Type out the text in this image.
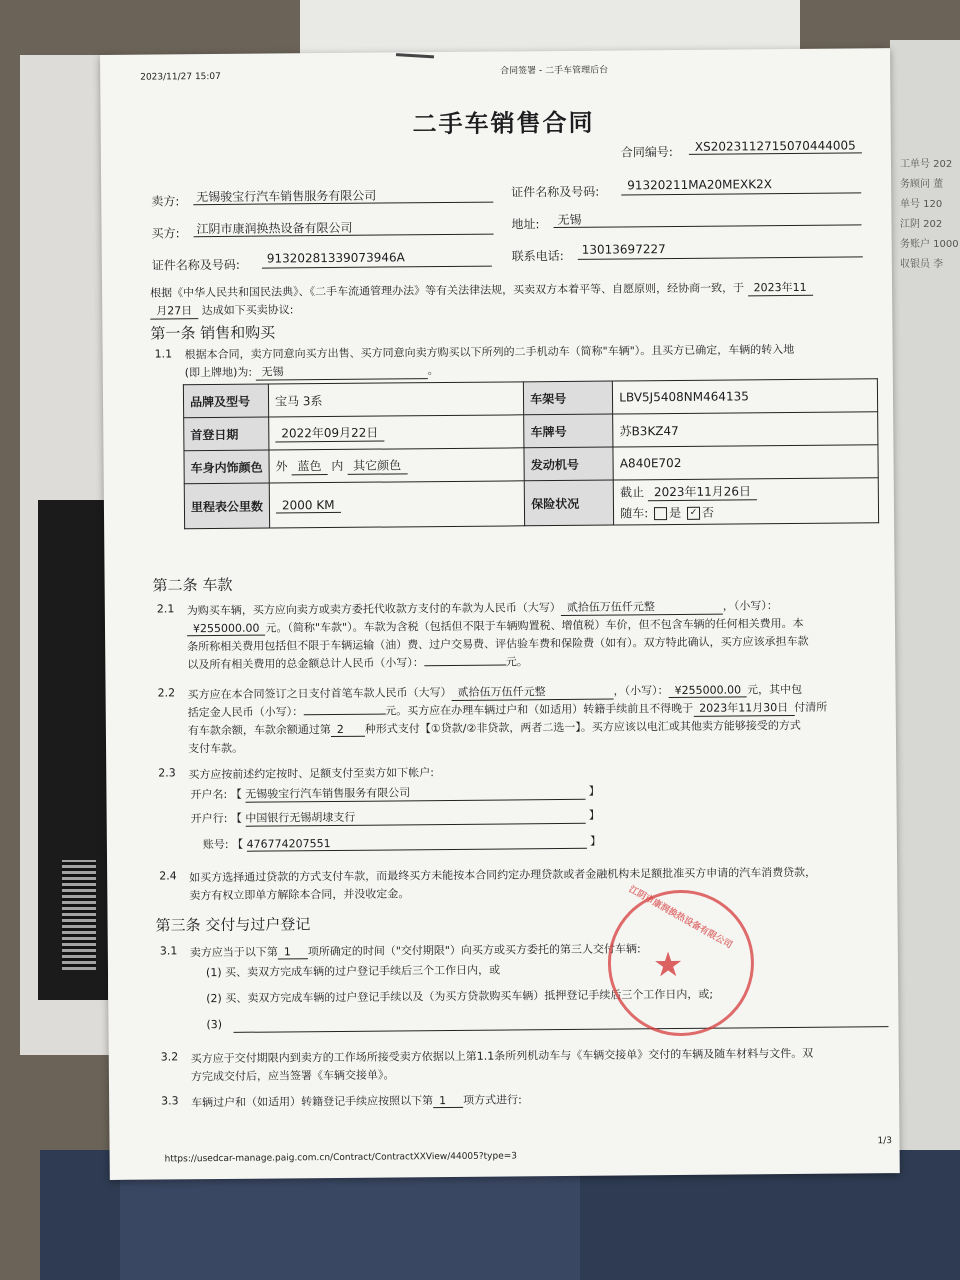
工单号 202
务顾问 董
单号 120
江阴 202
务账户 1000
収银员 李
2023/11/27 15:07
合同签署 - 二手车管理后台
二手车销售合同
合同编号:	XS2023112715070444005
卖方: 无锡骏宝行汽车销售服务有限公司	证件名称及号码: 91320211MA20MEXK2X
买方: 江阴市康润换热设备有限公司	地址: 无锡
证件名称及号码: 91320281339073946A	联系电话: 13013697227
根据《中华人民共和国民法典》、《二手车流通管理办法》等有关法律法规，买卖双方本着平等、自愿原则，经协商一致，于 2023年11
月27日 达成如下买卖协议:
第一条 销售和购买
1.1 根据本合同，卖方同意向买方出售、买方同意向卖方购买以下所列的二手机动车（简称"车辆"）。且买方已确定，车辆的转入地
(即上牌地)为: 无锡	。
品牌及型号	宝马 3系	车架号	LBV5J5408NM464135
首登日期	2022年09月22日	车牌号	苏B3KZ47
车身内饰颜色	外 蓝色 内 其它颜色	发动机号	A840E702
里程表公里数	2000 KM	保险状况	截止 2023年11月26日
随车: 是 ✓ 否
第二条 车款
2.1 为购买车辆，买方应向卖方或卖方委托代收款方支付的车款为人民币（大写） 贰拾伍万伍仟元整	，（小写）：
¥255000.00 元。（简称"车款"）。车款为含税（包括但不限于车辆购置税、增值税）车价，但不包含车辆的任何相关费用。本
条所称相关费用包括但不限于车辆运输（油）费、过户交易费、评估验车费和保险费（如有）。双方特此确认，买方应该承担车款
以及所有相关费用的总金额总计人民币（小写）：	元。
2.2 买方应在本合同签订之日支付首笔车款人民币（大写） 贰拾伍万伍仟元整	，（小写）： ¥255000.00 元，其中包
括定金人民币（小写）：	元。买方应在办理车辆过户和（如适用）转籍手续前且不得晚于 2023年11月30日 付清所
有车款余额，车款余额通过第 2 种形式支付【①贷款/②非贷款，两者二选一】。买方应该以电汇或其他卖方能够接受的方式
支付车款。
2.3 买方应按前述约定按时、足额支付至卖方如下帐户:
开户名: 【 无锡骏宝行汽车销售服务有限公司	】
开户行: 【 中国银行无锡胡埭支行	】
账号: 【 476774207551	】
2.4 如买方选择通过贷款的方式支付车款，而最终买方未能按本合同约定办理贷款或者金融机构未足额批准买方申请的汽车消费贷款，
卖方有权立即单方解除本合同，并没收定金。
第三条 交付与过户登记
3.1 卖方应当于以下第 1 项所确定的时间（"交付期限"）向买方或买方委托的第三人交付车辆:
(1) 买、卖双方完成车辆的过户登记手续后三个工作日内，或
(2) 买、卖双方完成车辆的过户登记手续以及（为买方贷款购买车辆）抵押登记手续后三个工作日内，或;
(3)
3.2 买方应于交付期限内到卖方的工作场所接受卖方依据以上第1.1条所列机动车与《车辆交接单》交付的车辆及随车材料与文件。双
方完成交付后，应当签署《车辆交接单》。
3.3 车辆过户和（如适用）转籍登记手续应按照以下第 1 项方式进行:
★
江阴市康润换热设备有限公司
https://usedcar-manage.paig.com.cn/Contract/ContractXXView/44005?type=3
1/3
